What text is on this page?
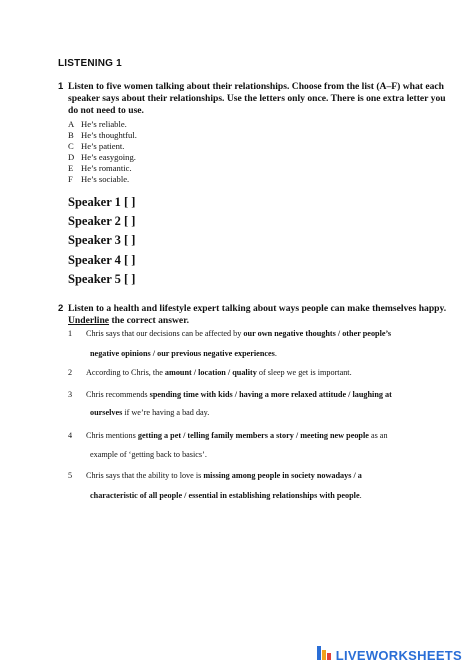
LISTENING 1
1 Listen to five women talking about their relationships. Choose from the list (A–F) what each speaker says about their relationships. Use the letters only once. There is one extra letter you do not need to use.
A He’s reliable.
B He’s thoughtful.
C He’s patient.
D He’s easygoing.
E He’s romantic.
F He’s sociable.
Speaker 1 [ ]
Speaker 2 [ ]
Speaker 3 [ ]
Speaker 4 [ ]
Speaker 5 [ ]
2 Listen to a health and lifestyle expert talking about ways people can make themselves happy. Underline the correct answer.
1 Chris says that our decisions can be affected by our own negative thoughts / other people’s
negative opinions / our previous negative experiences.
2 According to Chris, the amount / location / quality of sleep we get is important.
3 Chris recommends spending time with kids / having a more relaxed attitude / laughing at
ourselves if we’re having a bad day.
4 Chris mentions getting a pet / telling family members a story / meeting new people as an
example of ‘getting back to basics’.
5 Chris says that the ability to love is missing among people in society nowadays / a
characteristic of all people / essential in establishing relationships with people.
LIVEWORKSHEETS
